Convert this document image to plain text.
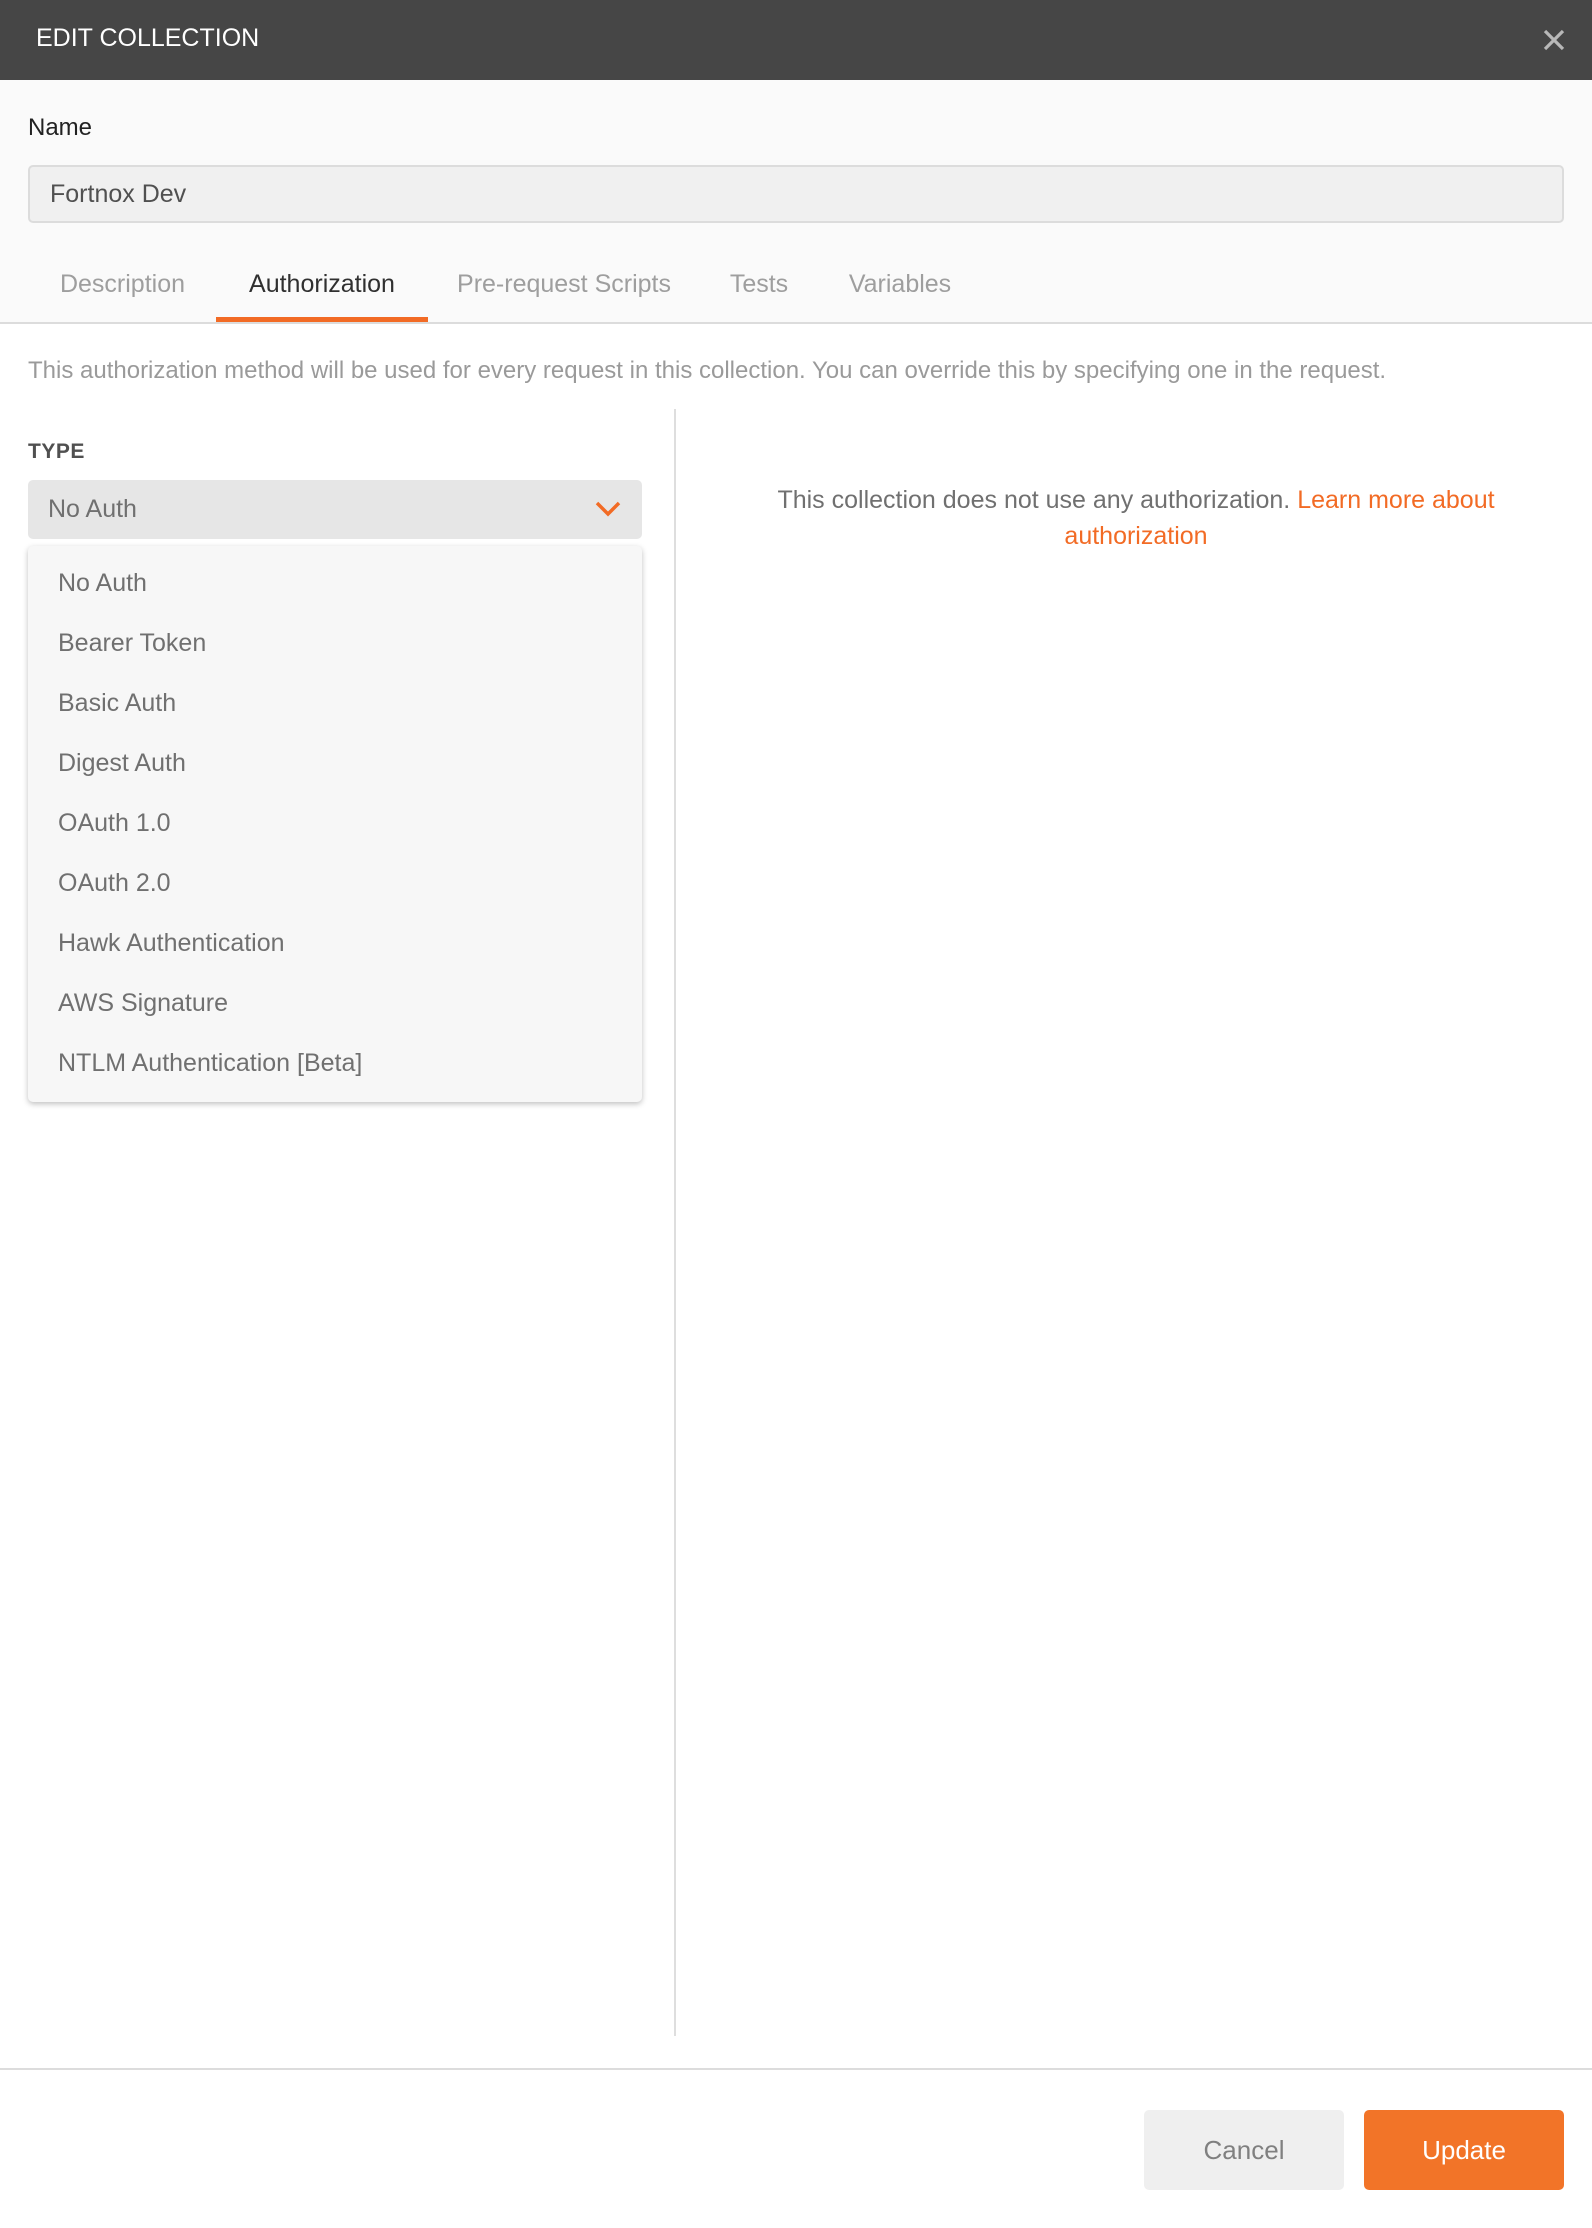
EDIT COLLECTION
Name
Fortnox Dev
Description	Authorization	Pre-request Scripts	Tests	Variables
This authorization method will be used for every request in this collection. You can override this by specifying one in the request.
TYPE
No Auth
No Auth
Bearer Token
Basic Auth
Digest Auth
OAuth 1.0
OAuth 2.0
Hawk Authentication
AWS Signature
NTLM Authentication [Beta]
This collection does not use any authorization. Learn more about authorization
Cancel	Update
